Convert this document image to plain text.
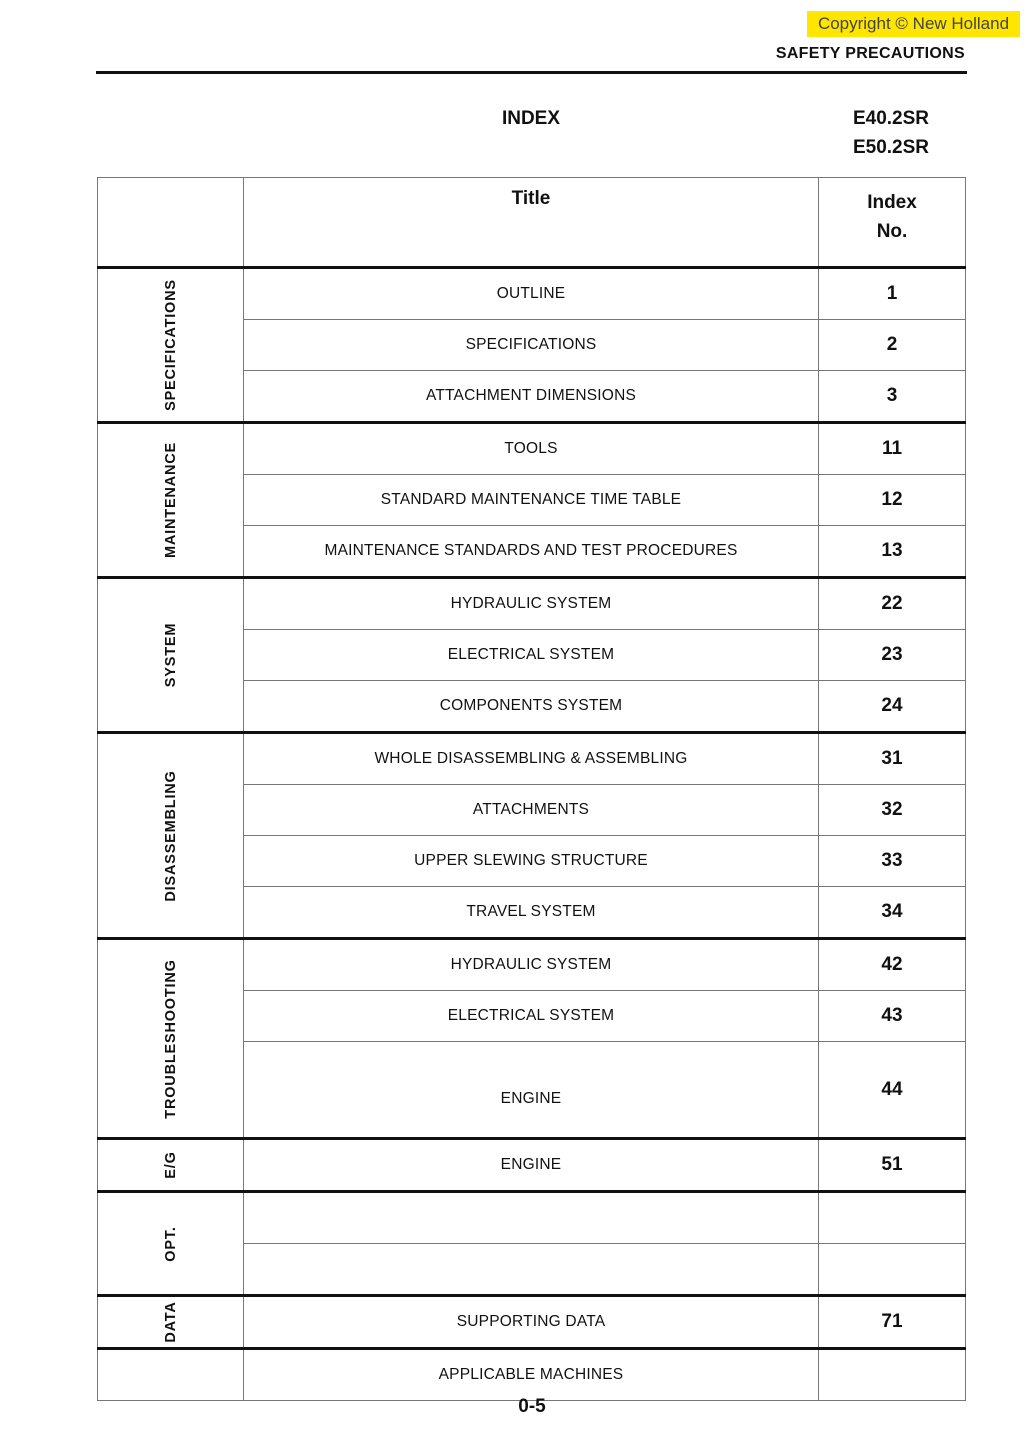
Copyright © New Holland
SAFETY PRECAUTIONS
INDEX	E40.2SR
E50.2SR
	Title	Index
No.

SPECIFICATIONS	OUTLINE	1
	SPECIFICATIONS	2
	ATTACHMENT DIMENSIONS	3

MAINTENANCE	TOOLS	11
	STANDARD MAINTENANCE TIME TABLE	12
	MAINTENANCE STANDARDS AND TEST PROCEDURES	13

SYSTEM	HYDRAULIC SYSTEM	22
	ELECTRICAL SYSTEM	23
	COMPONENTS SYSTEM	24

DISASSEMBLING	WHOLE DISASSEMBLING & ASSEMBLING	31
	ATTACHMENTS	32
	UPPER SLEWING STRUCTURE	33
	TRAVEL SYSTEM	34

TROUBLESHOOTING	HYDRAULIC SYSTEM	42
	ELECTRICAL SYSTEM	43
	ENGINE	44

E/G	ENGINE	51

OPT.		

DATA	SUPPORTING DATA	71

	APPLICABLE MACHINES	
0-5
